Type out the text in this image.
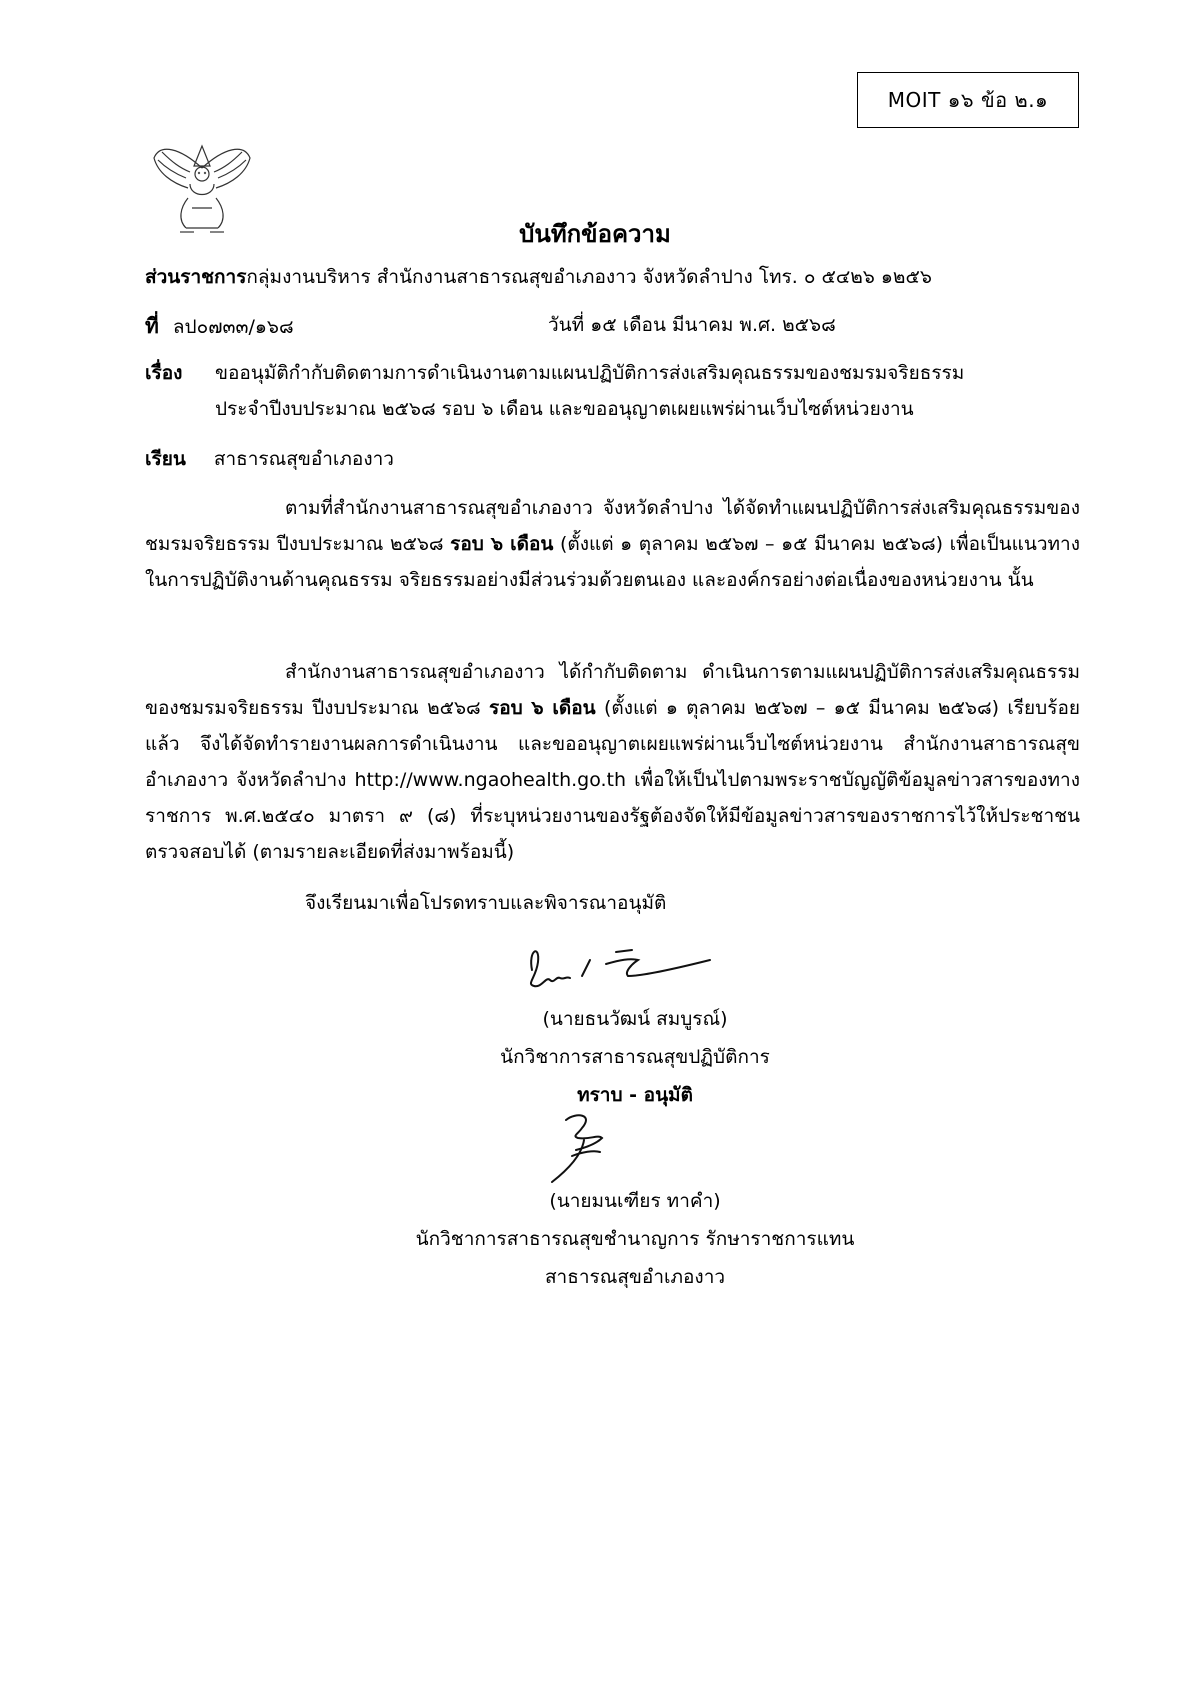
MOIT ๑๖ ข้อ ๒.๑
บันทึกข้อความ
ส่วนราชการกลุ่มงานบริหาร สำนักงานสาธารณสุขอำเภองาว จังหวัดลำปาง โทร. ๐ ๕๔๒๖ ๑๒๕๖
ที่ ลป๐๗๓๓/๑๖๘	วันที่ ๑๕ เดือน มีนาคม พ.ศ. ๒๕๖๘
เรื่อง ขออนุมัติกำกับติดตามการดำเนินงานตามแผนปฏิบัติการส่งเสริมคุณธรรมของชมรมจริยธรรม
ประจำปีงบประมาณ ๒๕๖๘ รอบ ๖ เดือน และขออนุญาตเผยแพร่ผ่านเว็บไซต์หน่วยงาน
เรียน สาธารณสุขอำเภองาว
ตามที่สำนักงานสาธารณสุขอำเภองาว จังหวัดลำปาง ได้จัดทำแผนปฏิบัติการส่งเสริมคุณธรรมของชมรมจริยธรรม ปีงบประมาณ ๒๕๖๘ รอบ ๖ เดือน (ตั้งแต่ ๑ ตุลาคม ๒๕๖๗ – ๑๕ มีนาคม ๒๕๖๘) เพื่อเป็นแนวทางในการปฏิบัติงานด้านคุณธรรม จริยธรรมอย่างมีส่วนร่วมด้วยตนเอง และองค์กรอย่างต่อเนื่องของหน่วยงาน นั้น
สำนักงานสาธารณสุขอำเภองาว ได้กำกับติดตาม ดำเนินการตามแผนปฏิบัติการส่งเสริมคุณธรรมของชมรมจริยธรรม ปีงบประมาณ ๒๕๖๘ รอบ ๖ เดือน (ตั้งแต่ ๑ ตุลาคม ๒๕๖๗ – ๑๕ มีนาคม ๒๕๖๘) เรียบร้อยแล้ว จึงได้จัดทำรายงานผลการดำเนินงาน และขออนุญาตเผยแพร่ผ่านเว็บไซต์หน่วยงาน สำนักงานสาธารณสุข อำเภองาว จังหวัดลำปาง http://www.ngaohealth.go.th เพื่อให้เป็นไปตามพระราชบัญญัติข้อมูลข่าวสารของทางราชการ พ.ศ.๒๕๔๐ มาตรา ๙ (๘) ที่ระบุหน่วยงานของรัฐต้องจัดให้มีข้อมูลข่าวสารของราชการไว้ให้ประชาชนตรวจสอบได้ (ตามรายละเอียดที่ส่งมาพร้อมนี้)
จึงเรียนมาเพื่อโปรดทราบและพิจารณาอนุมัติ
(นายธนวัฒน์ สมบูรณ์)
นักวิชาการสาธารณสุขปฏิบัติการ
ทราบ - อนุมัติ
(นายมนเฑียร ทาคำ)
นักวิชาการสาธารณสุขชำนาญการ รักษาราชการแทน
สาธารณสุขอำเภองาว
